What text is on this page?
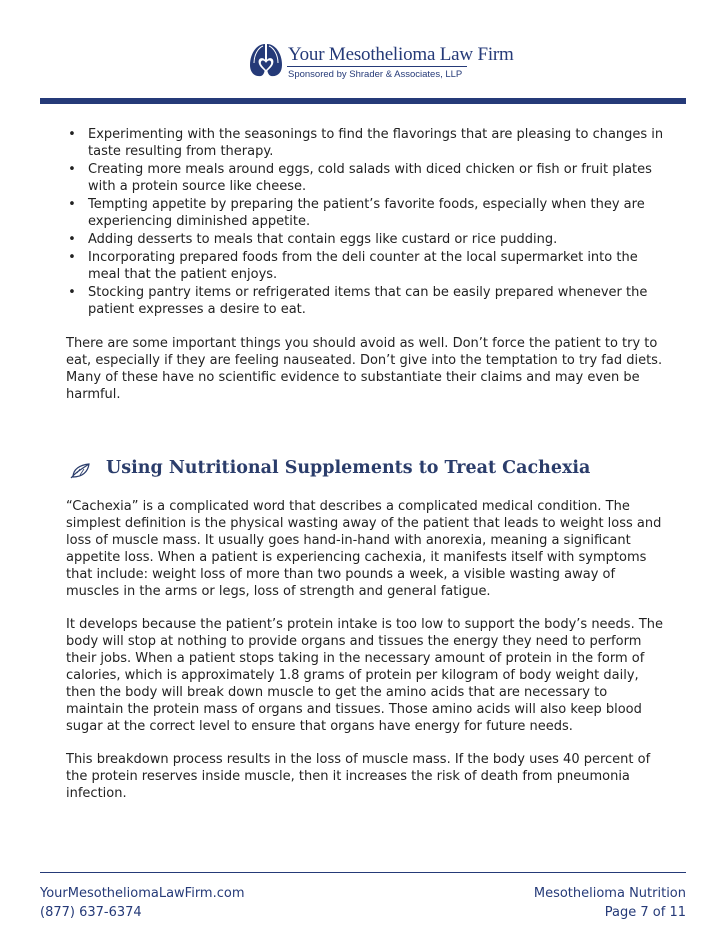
Your Mesothelioma Law Firm
Sponsored by Shrader & Associates, LLP
• Experimenting with the seasonings to find the flavorings that are pleasing to changes in taste resulting from therapy.
• Creating more meals around eggs, cold salads with diced chicken or fish or fruit plates with a protein source like cheese.
• Tempting appetite by preparing the patient’s favorite foods, especially when they are experiencing diminished appetite.
• Adding desserts to meals that contain eggs like custard or rice pudding.
• Incorporating prepared foods from the deli counter at the local supermarket into the meal that the patient enjoys.
• Stocking pantry items or refrigerated items that can be easily prepared whenever the patient expresses a desire to eat.

There are some important things you should avoid as well. Don’t force the patient to try to eat, especially if they are feeling nauseated. Don’t give into the temptation to try fad diets. Many of these have no scientific evidence to substantiate their claims and may even be harmful.

Using Nutritional Supplements to Treat Cachexia

“Cachexia” is a complicated word that describes a complicated medical condition. The simplest definition is the physical wasting away of the patient that leads to weight loss and loss of muscle mass. It usually goes hand-in-hand with anorexia, meaning a significant appetite loss. When a patient is experiencing cachexia, it manifests itself with symptoms that include: weight loss of more than two pounds a week, a visible wasting away of muscles in the arms or legs, loss of strength and general fatigue.

It develops because the patient’s protein intake is too low to support the body’s needs. The body will stop at nothing to provide organs and tissues the energy they need to perform their jobs. When a patient stops taking in the necessary amount of protein in the form of calories, which is approximately 1.8 grams of protein per kilogram of body weight daily, then the body will break down muscle to get the amino acids that are necessary to maintain the protein mass of organs and tissues. Those amino acids will also keep blood sugar at the correct level to ensure that organs have energy for future needs.

This breakdown process results in the loss of muscle mass. If the body uses 40 percent of the protein reserves inside muscle, then it increases the risk of death from pneumonia infection.

YourMesotheliomaLawFirm.com
(877) 637-6374
Mesothelioma Nutrition
Page 7 of 11
